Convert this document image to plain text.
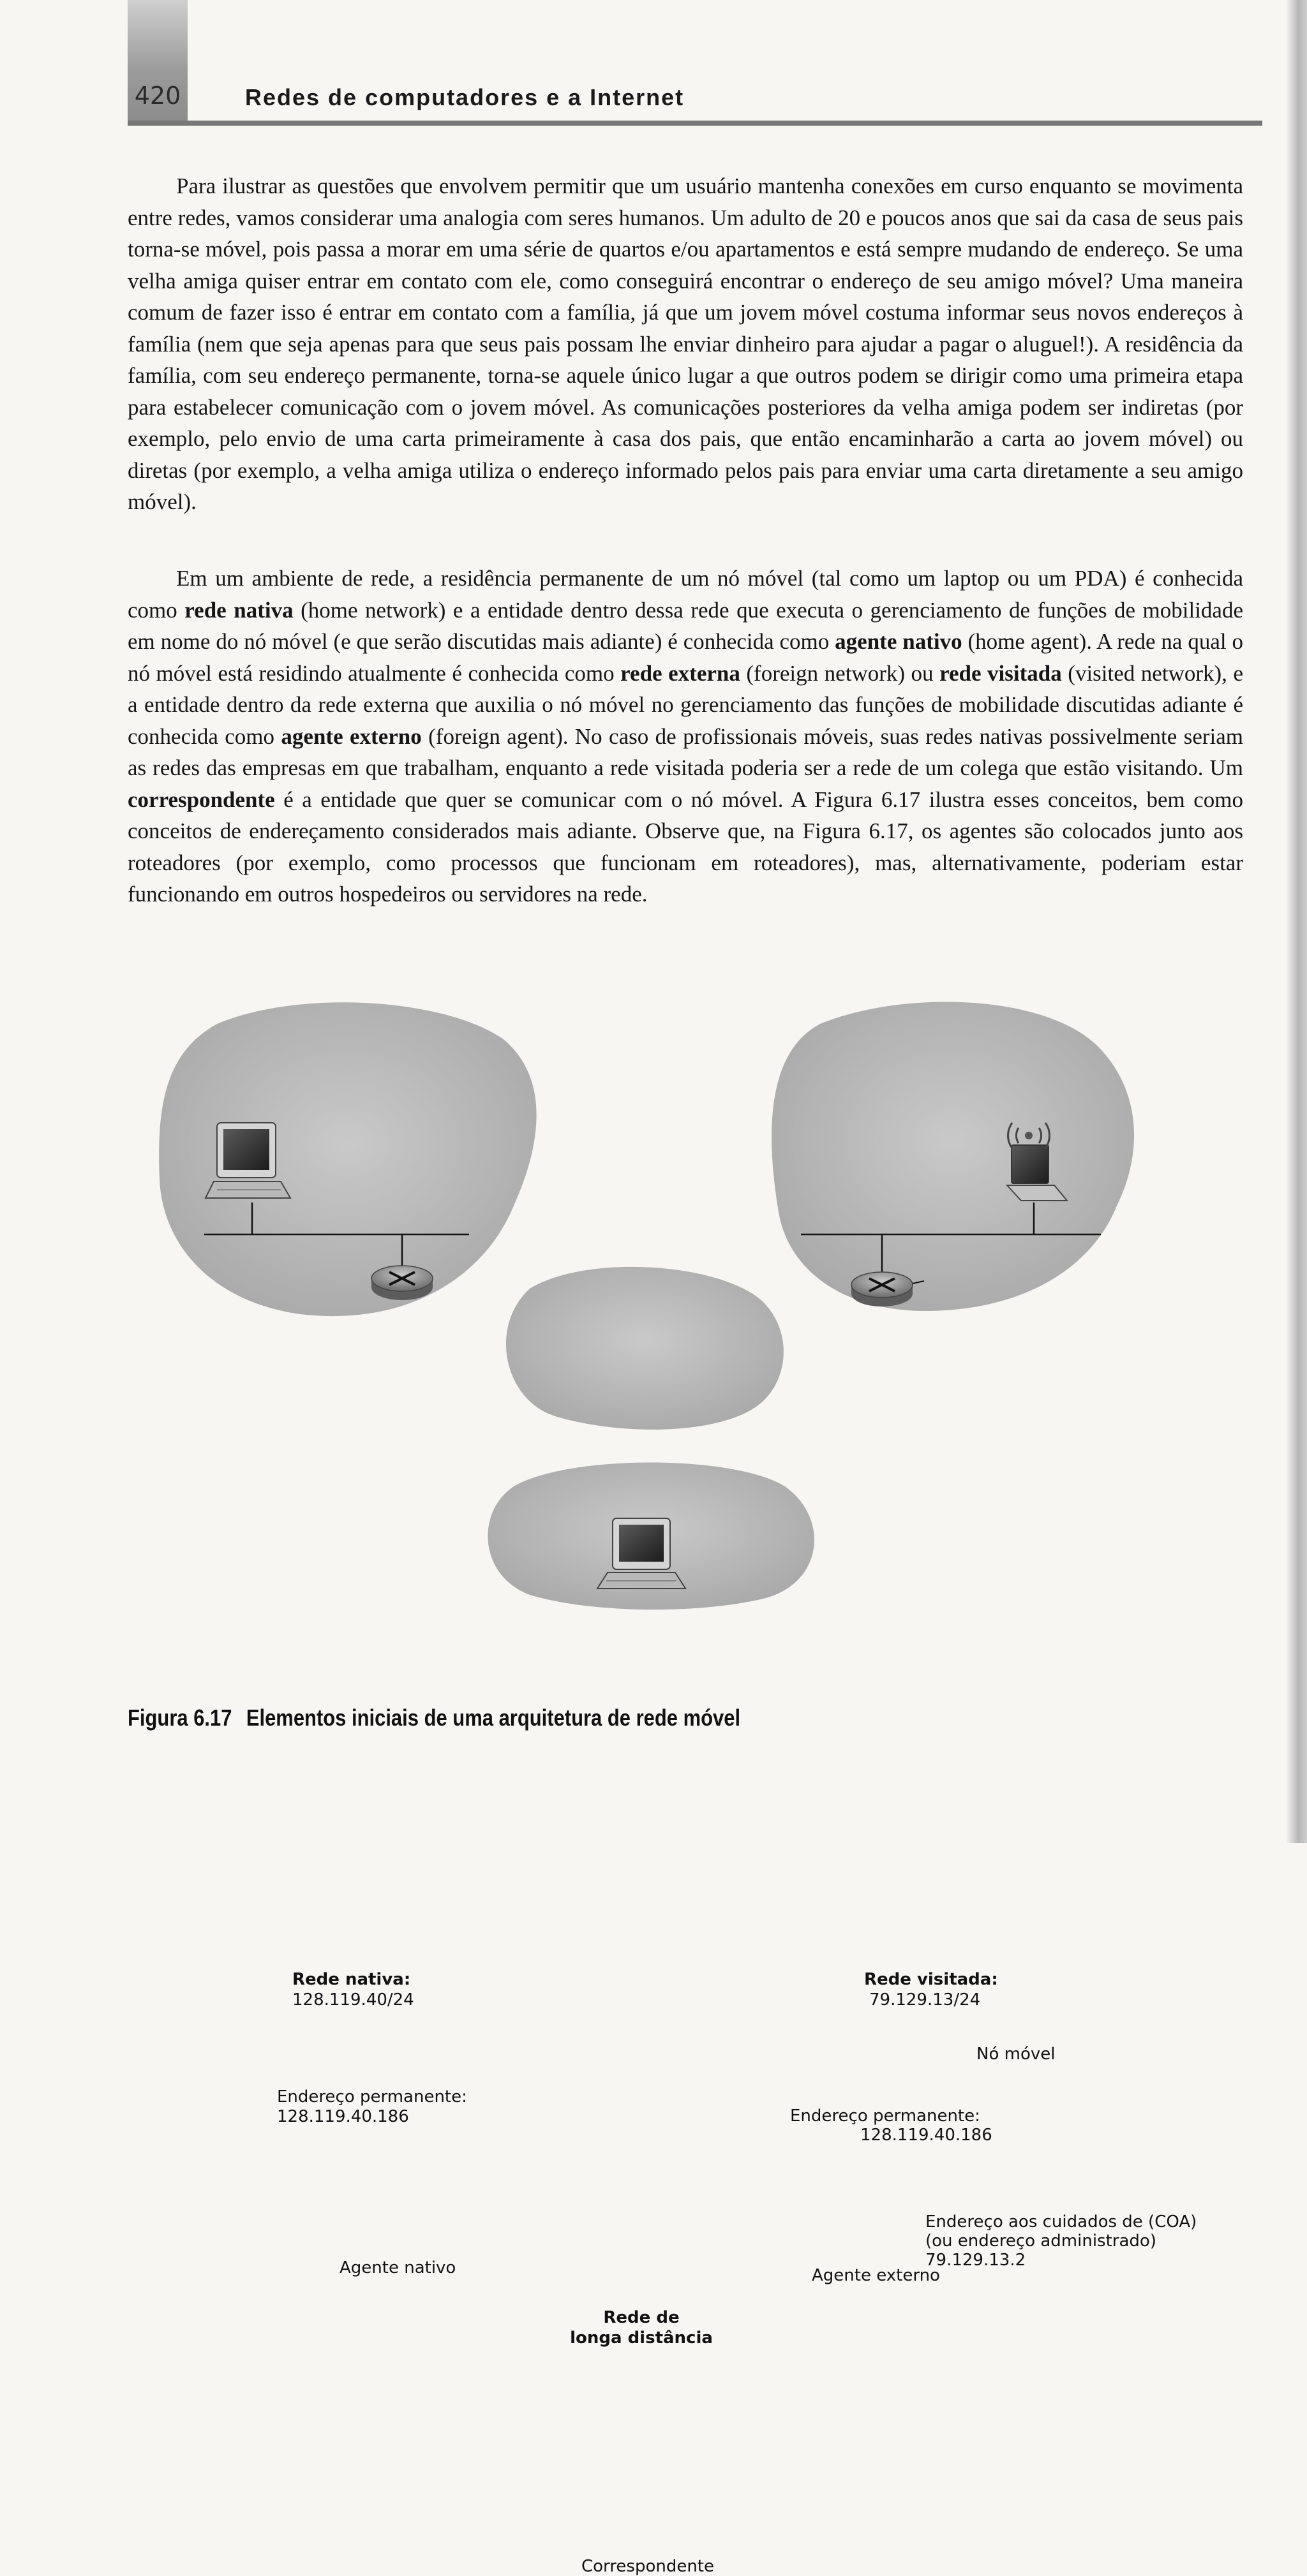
420	Redes de computadores e a Internet

Para ilustrar as questões que envolvem permitir que um usuário mantenha conexões em curso enquanto se movimenta entre redes, vamos considerar uma analogia com seres humanos. Um adulto de 20 e poucos anos que sai da casa de seus pais torna-se móvel, pois passa a morar em uma série de quartos e/ou apartamentos e está sempre mudando de endereço. Se uma velha amiga quiser entrar em contato com ele, como conseguirá encontrar o endereço de seu amigo móvel? Uma maneira comum de fazer isso é entrar em contato com a família, já que um jovem móvel costuma informar seus novos endereços à família (nem que seja apenas para que seus pais possam lhe enviar dinheiro para ajudar a pagar o aluguel!). A residência da família, com seu endereço permanente, torna-se aquele único lugar a que outros podem se dirigir como uma primeira etapa para estabelecer comunicação com o jovem móvel. As comunicações posteriores da velha amiga podem ser indiretas (por exemplo, pelo envio de uma carta primeiramente à casa dos pais, que então encaminharão a carta ao jovem móvel) ou diretas (por exemplo, a velha amiga utiliza o endereço informado pelos pais para enviar uma carta diretamente a seu amigo móvel).

Em um ambiente de rede, a residência permanente de um nó móvel (tal como um laptop ou um PDA) é conhecida como rede nativa (home network) e a entidade dentro dessa rede que executa o gerenciamento de funções de mobilidade em nome do nó móvel (e que serão discutidas mais adiante) é conhecida como agente nativo (home agent). A rede na qual o nó móvel está residindo atualmente é conhecida como rede externa (foreign network) ou rede visitada (visited network), e a entidade dentro da rede externa que auxilia o nó móvel no gerenciamento das funções de mobilidade discutidas adiante é conhecida como agente externo (foreign agent). No caso de profissionais móveis, suas redes nativas possivelmente seriam as redes das empresas em que trabalham, enquanto a rede visitada poderia ser a rede de um colega que estão visitando. Um correspondente é a entidade que quer se comunicar com o nó móvel. A Figura 6.17 ilustra esses conceitos, bem como conceitos de endereçamento considerados mais adiante. Observe que, na Figura 6.17, os agentes são colocados junto aos roteadores (por exemplo, como processos que funcionam em roteadores), mas, alternativamente, poderiam estar funcionando em outros hospedeiros ou servidores na rede.

Rede nativa:
128.119.40/24
Endereço permanente:
128.119.40.186
Agente nativo
Rede visitada:
79.129.13/24
Nó móvel
Endereço permanente:
128.119.40.186
Endereço aos cuidados de (COA)
(ou endereço administrado)
79.129.13.2
Agente externo
Rede de
longa distância
Correspondente
Figura 6.17 Elementos iniciais de uma arquitetura de rede móvel
